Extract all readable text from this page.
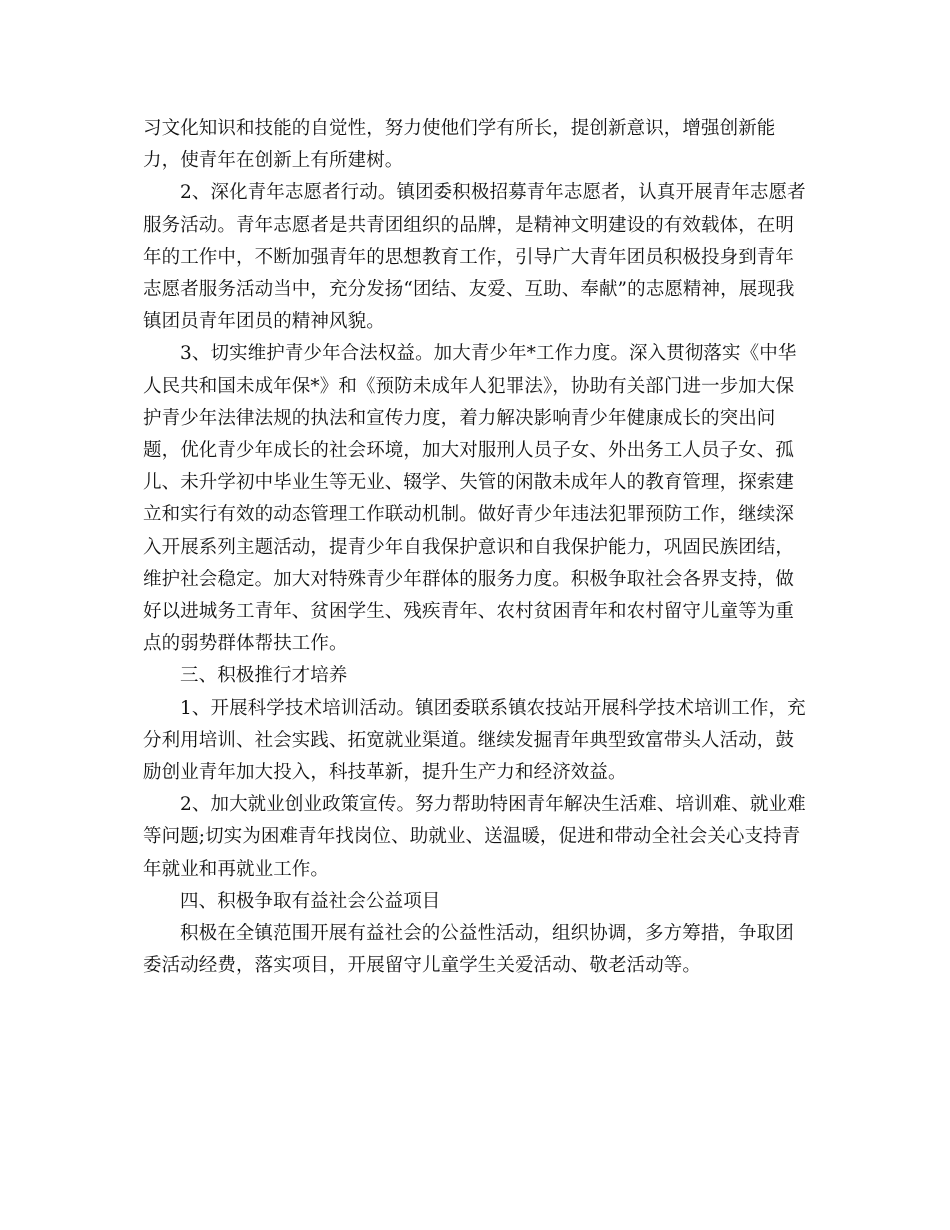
习文化知识和技能的自觉性，努力使他们学有所长，提创新意识，增强创新能
力，使青年在创新上有所建树。

2、深化青年志愿者行动。镇团委积极招募青年志愿者，认真开展青年志愿者
服务活动。青年志愿者是共青团组织的品牌，是精神文明建设的有效载体，在明
年的工作中，不断加强青年的思想教育工作，引导广大青年团员积极投身到青年
志愿者服务活动当中，充分发扬“团结、友爱、互助、奉献”的志愿精神，展现我
镇团员青年团员的精神风貌。

3、切实维护青少年合法权益。加大青少年*工作力度。深入贯彻落实《中华
人民共和国未成年保*》和《预防未成年人犯罪法》，协助有关部门进一步加大保
护青少年法律法规的执法和宣传力度，着力解决影响青少年健康成长的突出问
题，优化青少年成长的社会环境，加大对服刑人员子女、外出务工人员子女、孤
儿、未升学初中毕业生等无业、辍学、失管的闲散未成年人的教育管理，探索建
立和实行有效的动态管理工作联动机制。做好青少年违法犯罪预防工作，继续深
入开展系列主题活动，提青少年自我保护意识和自我保护能力，巩固民族团结，
维护社会稳定。加大对特殊青少年群体的服务力度。积极争取社会各界支持，做
好以进城务工青年、贫困学生、残疾青年、农村贫困青年和农村留守儿童等为重
点的弱势群体帮扶工作。

三、积极推行才培养

1、开展科学技术培训活动。镇团委联系镇农技站开展科学技术培训工作，充
分利用培训、社会实践、拓宽就业渠道。继续发掘青年典型致富带头人活动，鼓
励创业青年加大投入，科技革新，提升生产力和经济效益。

2、加大就业创业政策宣传。努力帮助特困青年解决生活难、培训难、就业难
等问题;切实为困难青年找岗位、助就业、送温暖，促进和带动全社会关心支持青
年就业和再就业工作。

四、积极争取有益社会公益项目

积极在全镇范围开展有益社会的公益性活动，组织协调，多方筹措，争取团
委活动经费，落实项目，开展留守儿童学生关爱活动、敬老活动等。
